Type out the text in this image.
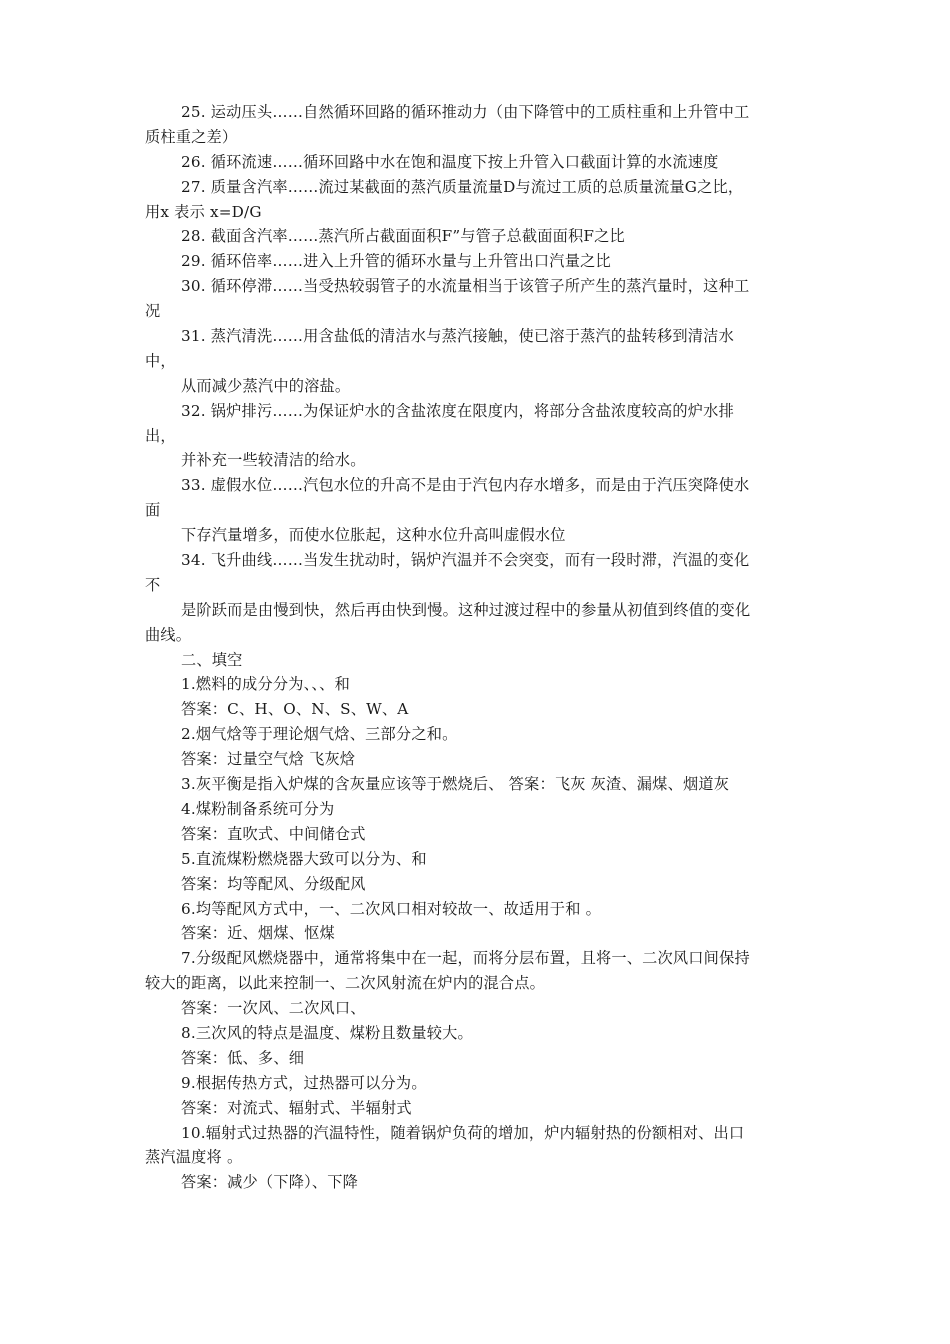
25. 运动压头……自然循环回路的循环推动力（由下降管中的工质柱重和上升管中工
质柱重之差）
26. 循环流速……循环回路中水在饱和温度下按上升管入口截面计算的水流速度
27. 质量含汽率……流过某截面的蒸汽质量流量D与流过工质的总质量流量G之比，
用x 表示 x=D/G
28. 截面含汽率……蒸汽所占截面面积F”与管子总截面面积F之比
29. 循环倍率……进入上升管的循环水量与上升管出口汽量之比
30. 循环停滞……当受热较弱管子的水流量相当于该管子所产生的蒸汽量时，这种工
况
31. 蒸汽清洗……用含盐低的清洁水与蒸汽接触，使已溶于蒸汽的盐转移到清洁水
中，
从而减少蒸汽中的溶盐。
32. 锅炉排污……为保证炉水的含盐浓度在限度内，将部分含盐浓度较高的炉水排
出，
并补充一些较清洁的给水。
33. 虚假水位……汽包水位的升高不是由于汽包内存水增多，而是由于汽压突降使水
面
下存汽量增多，而使水位胀起，这种水位升高叫虚假水位
34. 飞升曲线……当发生扰动时，锅炉汽温并不会突变，而有一段时滞，汽温的变化
不
是阶跃而是由慢到快，然后再由快到慢。这种过渡过程中的参量从初值到终值的变化
曲线。
二、填空
1.燃料的成分分为、、、和
答案：C、H、O、N、S、W、A
2.烟气焓等于理论烟气焓、三部分之和。
答案：过量空气焓 飞灰焓
3.灰平衡是指入炉煤的含灰量应该等于燃烧后、 答案：飞灰 灰渣、漏煤、烟道灰
4.煤粉制备系统可分为
答案：直吹式、中间储仓式
5.直流煤粉燃烧器大致可以分为、和
答案：均等配风、分级配风
6.均等配风方式中，一、二次风口相对较故一、故适用于和 。
答案：近、烟煤、怄煤
7.分级配风燃烧器中，通常将集中在一起，而将分层布置，且将一、二次风口间保持
较大的距离，以此来控制一、二次风射流在炉内的混合点。
答案：一次风、二次风口、
8.三次风的特点是温度、煤粉且数量较大。
答案：低、多、细
9.根据传热方式，过热器可以分为。
答案：对流式、辐射式、半辐射式
10.辐射式过热器的汽温特性，随着锅炉负荷的增加，炉内辐射热的份额相对、出口
蒸汽温度将 。
答案：减少（下降）、下降
